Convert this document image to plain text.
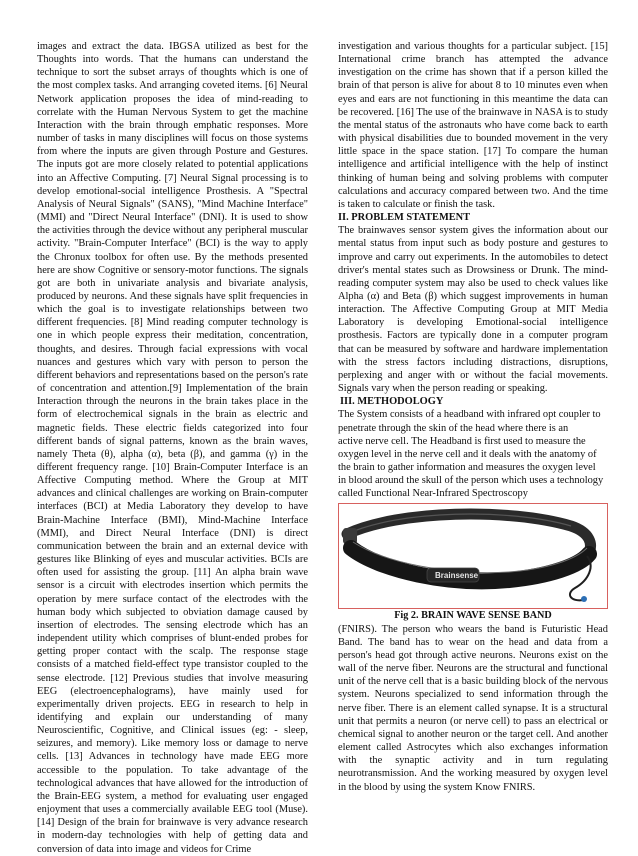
images and extract the data. IBGSA utilized as best for the Thoughts into words. That the humans can understand the technique to sort the subset arrays of thoughts which is one of the most complex tasks. And arranging coveted items. [6] Neural Network application proposes the idea of mind-reading to correlate with the Human Nervous System to get the machine Interaction with the brain through emphatic responses. More number of tasks in many disciplines will focus on those systems from where the inputs are given through Posture and Gestures. The inputs got are more closely related to potential applications into an Affective Computing. [7] Neural Signal processing is to develop emotional-social intelligence Prosthesis. A "Spectral Analysis of Neural Signals" (SANS), "Mind Machine Interface" (MMI) and "Direct Neural Interface" (DNI). It is used to show the activities through the device without any peripheral muscular activity. "Brain-Computer Interface" (BCI) is the way to apply the Chronux toolbox for often use. By the methods presented here are show Cognitive or sensory-motor functions. The signals got are both in univariate analysis and bivariate analysis, produced by neurons. And these signals have split frequencies in which the goal is to investigate relationships between two different frequencies. [8] Mind reading computer technology is one in which people express their meditation, concentration, thoughts, and desires. Through facial expressions with vocal nuances and gestures which vary with person to person the different behaviors and representations based on the person's rate of concentration and attention.[9] Implementation of the brain Interaction through the neurons in the brain takes place in the form of electrochemical signals in the brain as electric and magnetic fields. These electric fields categorized into four different bands of signal patterns, known as the brain waves, namely Theta (θ), alpha (α), beta (β), and gamma (γ) in the different frequency range. [10] Brain-Computer Interface is an Affective Computing method. Where the Group at MIT advances and clinical challenges are working on Brain-computer interfaces (BCI) at Media Laboratory they develop to have Brain-Machine Interface (BMI), Mind-Machine Interface (MMI), and Direct Neural Interface (DNI) is direct communication between the brain and an external device with gestures like Blinking of eyes and muscular activities. BCIs are often used for assisting the group. [11] An alpha brain wave sensor is a circuit with electrodes insertion which permits the operation by mere surface contact of the electrodes with the human body which subjected to obviation damage caused by insertion of electrodes. The sensing electrode which has an independent utility which comprises of blunt-ended probes for getting proper contact with the scalp. The response stage consists of a matched field-effect type transistor coupled to the sense electrode. [12] Previous studies that involve measuring EEG (electroencephalograms), have mainly used for experimentally driven projects. EEG in research to help in identifying and explain our understanding of many Neuroscientific, Cognitive, and Clinical issues (eg: - sleep, seizures, and memory). Like memory loss or damage to nerve cells. [13] Advances in technology have made EEG more accessible to the population. To take advantage of the technological advances that have allowed for the introduction of the Brain-EEG system, a method for evaluating user engaged enjoyment that uses a commercially available EEG tool (Muse). [14] Design of the brain for brainwave is very advance research in modern-day technologies with help of getting data and conversion of data into image and videos for Crime

investigation and various thoughts for a particular subject. [15] International crime branch has attempted the advance investigation on the crime has shown that if a person killed the brain of that person is alive for about 8 to 10 minutes even when eyes and ears are not functioning in this meantime the data can be recovered. [16] The use of the brainwave in NASA is to study the mental status of the astronauts who have come back to earth with physical disabilities due to bounded movement in the very little space in the space station. [17] To compare the human intelligence and artificial intelligence with the help of instinct thinking of human being and solving problems with computer calculations and accuracy compared between two. And the time is taken to calculate or finish the task.

II. PROBLEM STATEMENT

The brainwaves sensor system gives the information about our mental status from input such as body posture and gestures to improve and carry out experiments. In the automobiles to detect driver's mental states such as Drowsiness or Drunk. The mind-reading computer system may also be used to check values like Alpha (α) and Beta (β) which suggest improvements in human interaction. The Affective Computing Group at MIT Media Laboratory is developing Emotional-social intelligence prosthesis. Factors are typically done in a computer program that can be measured by software and hardware implementation with the stress factors including distractions, disruptions, perplexing and anger with or without the facial movements. Signals vary when the person reading or speaking.

III. METHODOLOGY

The System consists of a headband with infrared opt coupler to
penetrate through the skin of the head where there is an
active nerve cell. The Headband is first used to measure the
oxygen level in the nerve cell and it deals with the anatomy of
the brain to gather information and measures the oxygen level
in blood around the skull of the person which uses a technology
called Functional Near-Infrared Spectroscopy
Brainsense

Fig 2. BRAIN WAVE SENSE BAND

(FNIRS). The person who wears the band is Futuristic Head Band. The band has to wear on the head and data from a person's head got through active neurons. Neurons exist on the wall of the nerve fiber. Neurons are the structural and functional unit of the nerve cell that is a basic building block of the nervous system. Neurons specialized to send information through the nerve fiber. There is an element called synapse. It is a structural unit that permits a neuron (or nerve cell) to pass an electrical or chemical signal to another neuron or the target cell. And another element called Astrocytes which also exchanges information with the synaptic activity and in turn regulating neurotransmission. And the working measured by oxygen level in the blood by using the system Know FNIRS.
